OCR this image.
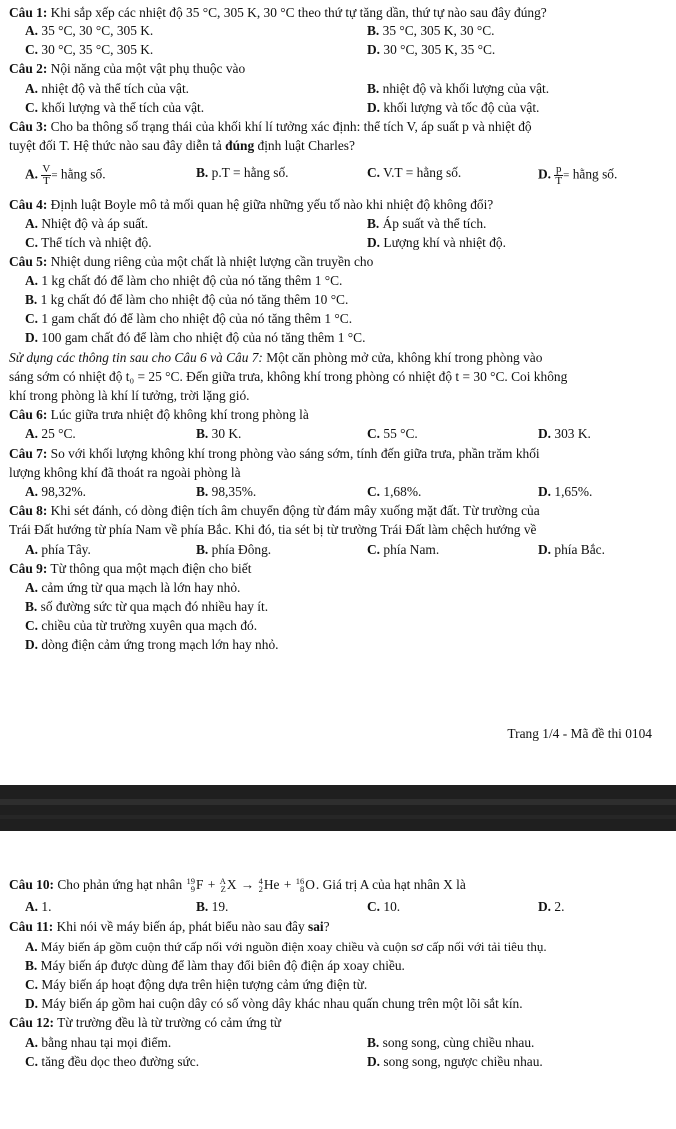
Câu 1: Khi sắp xếp các nhiệt độ 35 °C, 305 K, 30 °C theo thứ tự tăng dần, thứ tự nào sau đây đúng?
A. 35 °C, 30 °C, 305 K.	B. 35 °C, 305 K, 30 °C.
C. 30 °C, 35 °C, 305 K.	D. 30 °C, 305 K, 35 °C.
Câu 2: Nội năng của một vật phụ thuộc vào
A. nhiệt độ và thể tích của vật.	B. nhiệt độ và khối lượng của vật.
C. khối lượng và thể tích của vật.	D. khối lượng và tốc độ của vật.
Câu 3: Cho ba thông số trạng thái của khối khí lí tưởng xác định: thể tích V, áp suất p và nhiệt độ
tuyệt đối T. Hệ thức nào sau đây diễn tả đúng định luật Charles?
A. $\frac{V}{T}$ = hằng số.	B. p.T = hằng số.	C. V.T = hằng số.	D. $\frac{p}{T}$ = hằng số.
Câu 4: Định luật Boyle mô tả mối quan hệ giữa những yếu tố nào khi nhiệt độ không đổi?
A. Nhiệt độ và áp suất.	B. Áp suất và thể tích.
C. Thể tích và nhiệt độ.	D. Lượng khí và nhiệt độ.
Câu 5: Nhiệt dung riêng của một chất là nhiệt lượng cần truyền cho
A. 1 kg chất đó để làm cho nhiệt độ của nó tăng thêm 1 °C.
B. 1 kg chất đó để làm cho nhiệt độ của nó tăng thêm 10 °C.
C. 1 gam chất đó để làm cho nhiệt độ của nó tăng thêm 1 °C.
D. 100 gam chất đó để làm cho nhiệt độ của nó tăng thêm 1 °C.
Sử dụng các thông tin sau cho Câu 6 và Câu 7: Một căn phòng mở cửa, không khí trong phòng vào
sáng sớm có nhiệt độ t₀ = 25 °C. Đến giữa trưa, không khí trong phòng có nhiệt độ t = 30 °C. Coi không
khí trong phòng là khí lí tưởng, trời lặng gió.
Câu 6: Lúc giữa trưa nhiệt độ không khí trong phòng là
A. 25 °C.	B. 30 K.	C. 55 °C.	D. 303 K.
Câu 7: So với khối lượng không khí trong phòng vào sáng sớm, tính đến giữa trưa, phần trăm khối
lượng không khí đã thoát ra ngoài phòng là
A. 98,32%.	B. 98,35%.	C. 1,68%.	D. 1,65%.
Câu 8: Khi sét đánh, có dòng điện tích âm chuyển động từ đám mây xuống mặt đất. Từ trường của
Trái Đất hướng từ phía Nam về phía Bắc. Khi đó, tia sét bị từ trường Trái Đất làm chệch hướng về
A. phía Tây.	B. phía Đông.	C. phía Nam.	D. phía Bắc.
Câu 9: Từ thông qua một mạch điện cho biết
A. cảm ứng từ qua mạch là lớn hay nhỏ.
B. số đường sức từ qua mạch đó nhiều hay ít.
C. chiều của từ trường xuyên qua mạch đó.
D. dòng điện cảm ứng trong mạch lớn hay nhỏ.
Trang 1/4 - Mã đề thi 0104
Câu 10: Cho phản ứng hạt nhân 19
9 F + A
Z X → 4
2 He + 16
8 O . Giá trị A của hạt nhân X là
A. 1.	B. 19.	C. 10.	D. 2.
Câu 11: Khi nói về máy biến áp, phát biểu nào sau đây sai?
A. Máy biến áp gồm cuộn thứ cấp nối với nguồn điện xoay chiều và cuộn sơ cấp nối với tải tiêu thụ.
B. Máy biến áp được dùng để làm thay đổi biên độ điện áp xoay chiều.
C. Máy biến áp hoạt động dựa trên hiện tượng cảm ứng điện từ.
D. Máy biến áp gồm hai cuộn dây có số vòng dây khác nhau quấn chung trên một lõi sắt kín.
Câu 12: Từ trường đều là từ trường có cảm ứng từ
A. bằng nhau tại mọi điểm.	B. song song, cùng chiều nhau.
C. tăng đều dọc theo đường sức.	D. song song, ngược chiều nhau.
